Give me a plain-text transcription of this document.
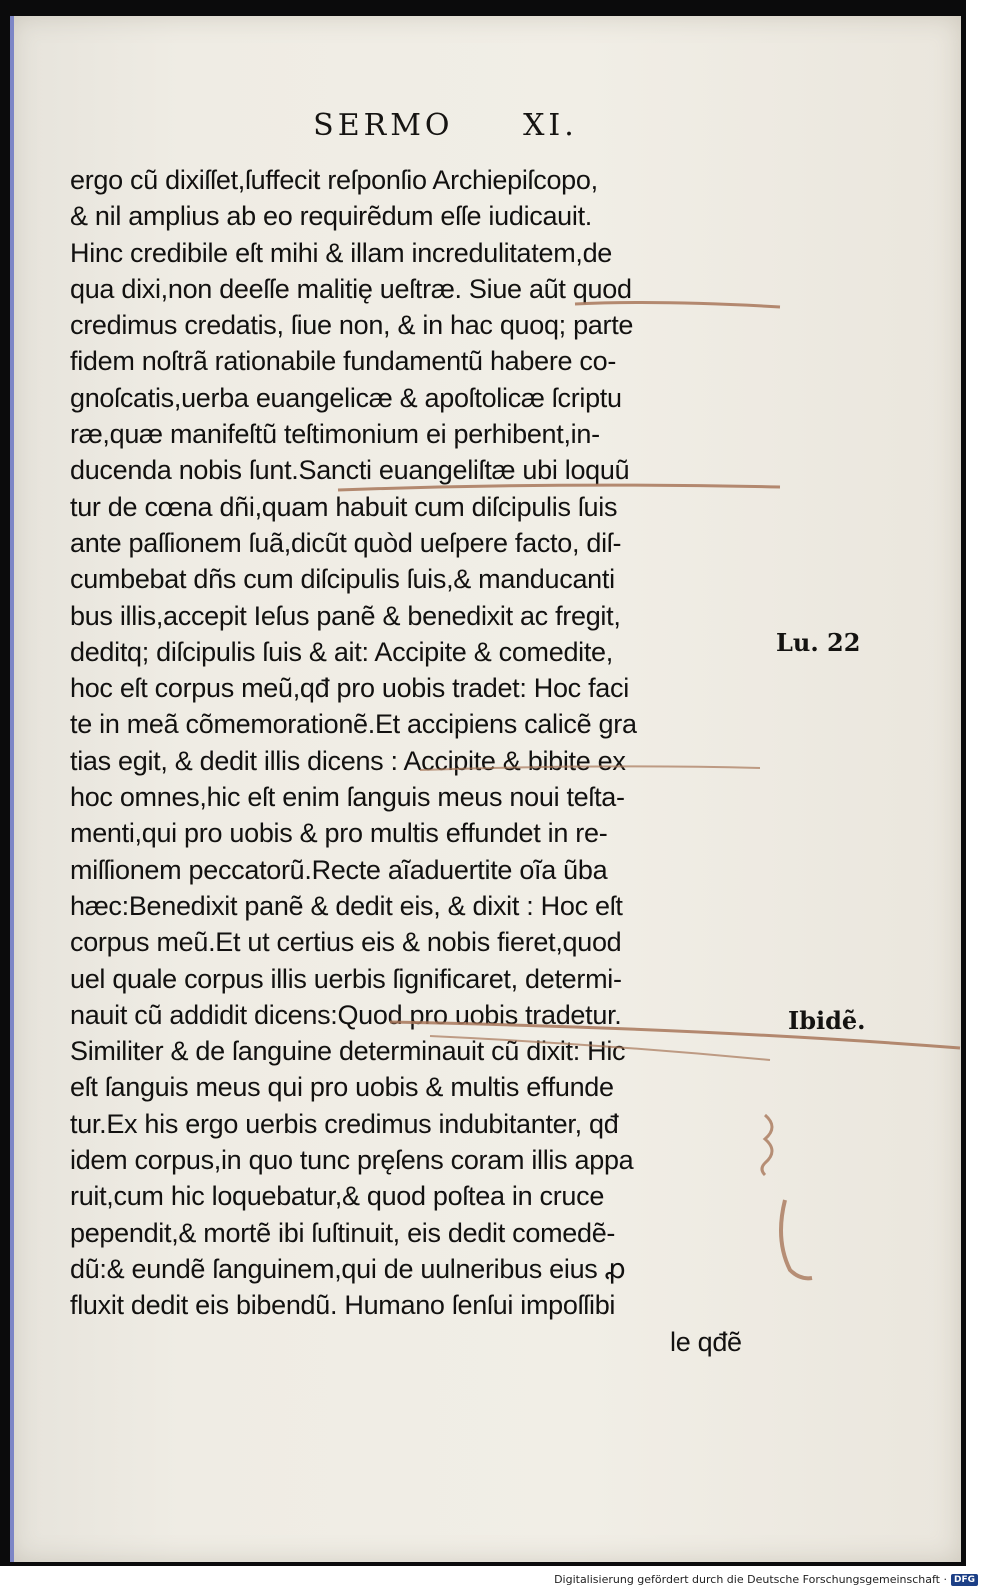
SERMO XI.
ergo cũ dixiſſet,ſuffecit reſponſio Archiepiſcopo,
& nil amplius ab eo requirẽdum eſſe iudicauit.
Hinc credibile eſt mihi & illam incredulitatem,de
qua dixi,non deeſſe malitię ueſtræ. Siue aũt quod
credimus credatis, ſiue non, & in hac quoq; parte
fidem noſtrã rationabile fundamentũ habere co-
gnoſcatis,uerba euangelicæ & apoſtolicæ ſcriptu
ræ,quæ manifeſtũ teſtimonium ei perhibent,in-
ducenda nobis ſunt.Sancti euangeliſtæ ubi loquũ
tur de cœna dñi,quam habuit cum diſcipulis ſuis
ante paſſionem ſuã,dicũt quòd ueſpere facto, diſ-
cumbebat dñs cum diſcipulis ſuis,& manducanti
bus illis,accepit Ieſus panẽ & benedixit ac fregit,
deditq; diſcipulis ſuis & ait: Accipite & comedite,
hoc eſt corpus meũ,qđ pro uobis tradet: Hoc faci
te in meã cõmemorationẽ.Et accipiens calicẽ gra
tias egit, & dedit illis dicens : Accipite & bibite ex
hoc omnes,hic eſt enim ſanguis meus noui teſta-
menti,qui pro uobis & pro multis effundet in re-
miſſionem peccatorũ.Recte aĩaduertite oĩa ũba
hæc:Benedixit panẽ & dedit eis, & dixit : Hoc eſt
corpus meũ.Et ut certius eis & nobis fieret,quod
uel quale corpus illis uerbis ſignificaret, determi-
nauit cũ addidit dicens:Quod pro uobis tradetur.
Similiter & de ſanguine determinauit cũ dixit: Hic
eſt ſanguis meus qui pro uobis & multis effunde
tur.Ex his ergo uerbis credimus indubitanter, qđ
idem corpus,in quo tunc pręſens coram illis appa
ruit,cum hic loquebatur,& quod poſtea in cruce
pependit,& mortẽ ibi ſuſtinuit, eis dedit comedẽ-
dũ:& eundẽ ſanguinem,qui de uulneribus eius ꝓ
fluxit dedit eis bibendũ. Humano ſenſui impoſſibi
le qđẽ
Lu. 22
Ibidẽ.
Digitalisierung gefördert durch die Deutsche Forschungsgemeinschaft · DFG
